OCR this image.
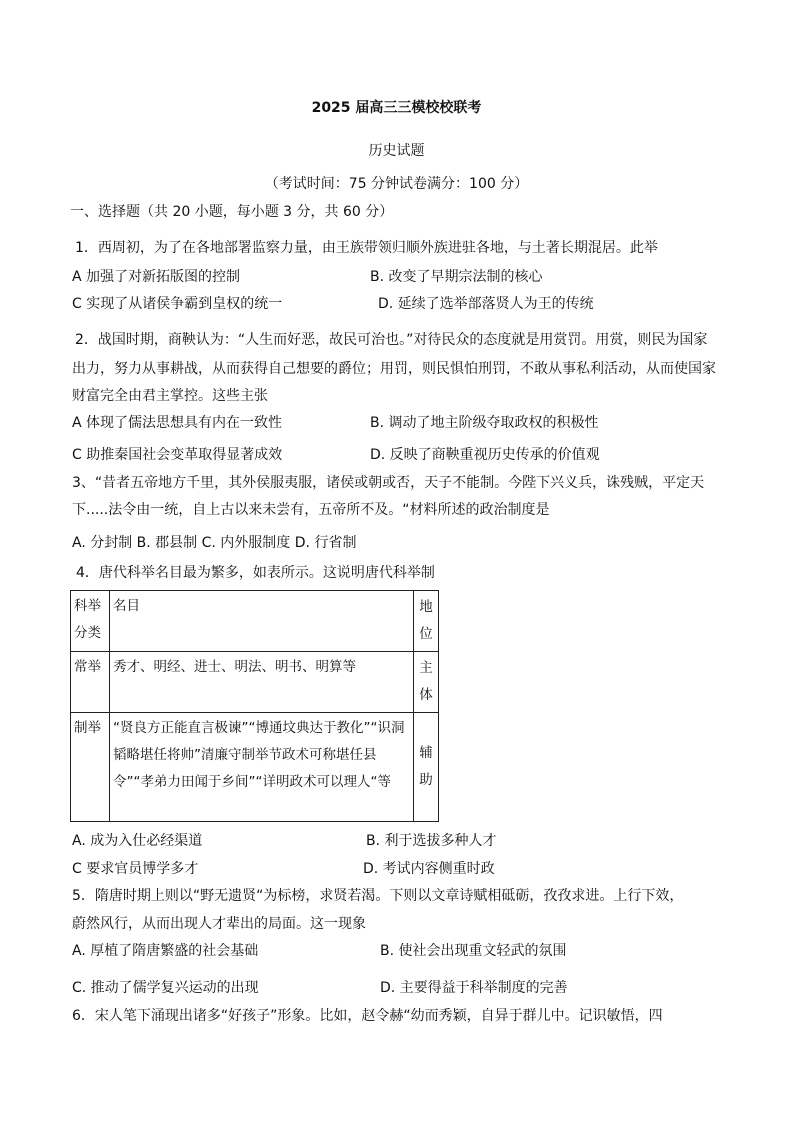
2025 届高三三模校校联考
历史试题
（考试时间：75 分钟试卷满分：100 分）
一、选择题（共 20 小题，每小题 3 分，共 60 分）
1．西周初，为了在各地部署监察力量，由王族带领归顺外族进驻各地，与土著长期混居。此举
A 加强了对新拓版图的控制	B. 改变了早期宗法制的核心
C 实现了从诸侯争霸到皇权的统一	D. 延续了选举部落贤人为王的传统
2．战国时期，商鞅认为：“人生而好恶，故民可治也。”对待民众的态度就是用赏罚。用赏，则民为国家
出力，努力从事耕战，从而获得自己想要的爵位；用罚，则民惧怕刑罚，不敢从事私利活动，从而使国家
财富完全由君主掌控。这些主张
A 体现了儒法思想具有内在一致性	B. 调动了地主阶级夺取政权的积极性
C 助推秦国社会变革取得显著成效	D. 反映了商鞅重视历史传承的价值观
3、“昔者五帝地方千里，其外侯服夷服，诸侯或朝或否，天子不能制。今陛下兴义兵，诛残贼，平定天
下.....法令由一统，自上古以来未尝有，五帝所不及。“材料所述的政治制度是
A. 分封制 B. 郡县制 C. 内外服制度 D. 行省制
4．唐代科举名目最为繁多，如表所示。这说明唐代科举制
科举分类	名目	地位
常举	秀才、明经、进士、明法、明书、明算等	主体
制举	“贤良方正能直言极谏”“博通坟典达于教化”“识洞韬略堪任将帅”清廉守制举节政术可称堪任县令”“孝弟力田闻于乡间”“详明政术可以理人“等	辅助
A. 成为入仕必经渠道	B. 利于选拔多种人才
C 要求官员博学多才	D. 考试内容侧重时政
5．隋唐时期上则以“野无遗贤“为标榜，求贤若渴。下则以文章诗赋相砥砺，孜孜求进。上行下效，
蔚然风行，从而出现人才辈出的局面。这一现象
A. 厚植了隋唐繁盛的社会基础	B. 使社会出现重文轻武的氛围
C. 推动了儒学复兴运动的出现	D. 主要得益于科举制度的完善
6．宋人笔下涌现出诸多“好孩子”形象。比如，赵令赫“幼而秀颖，自异于群儿中。记识敏悟，四
